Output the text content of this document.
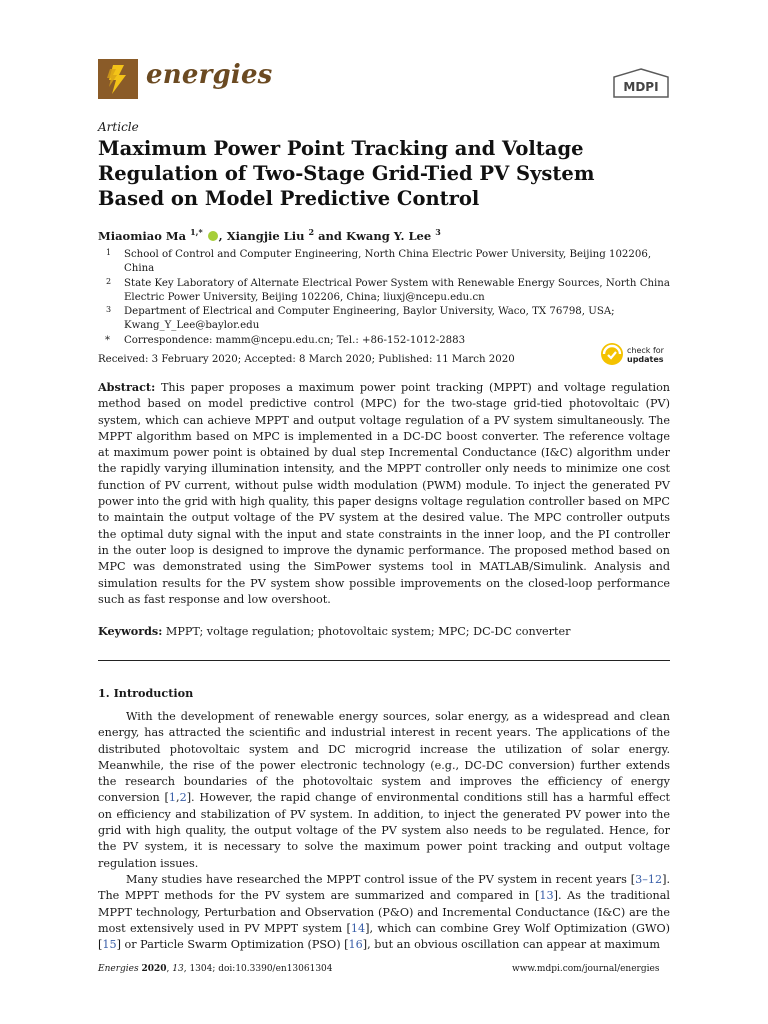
energies	MDPI
Article
Maximum Power Point Tracking and Voltage Regulation of Two-Stage Grid-Tied PV System Based on Model Predictive Control
Miaomiao Ma $^{1,*}$ , Xiangjie Liu $^2$ and Kwang Y. Lee $^3$
1 School of Control and Computer Engineering, North China Electric Power University, Beijing 102206, China
2 State Key Laboratory of Alternate Electrical Power System with Renewable Energy Sources, North China Electric Power University, Beijing 102206, China; liuxj@ncepu.edu.cn
3 Department of Electrical and Computer Engineering, Baylor University, Waco, TX 76798, USA; Kwang_Y_Lee@baylor.edu
* Correspondence: mamm@ncepu.edu.cn; Tel.: +86-152-1012-2883
Received: 3 February 2020; Accepted: 8 March 2020; Published: 11 March 2020
check for
updates
Abstract: This paper proposes a maximum power point tracking (MPPT) and voltage regulation method based on model predictive control (MPC) for the two-stage grid-tied photovoltaic (PV) system, which can achieve MPPT and output voltage regulation of a PV system simultaneously. The MPPT algorithm based on MPC is implemented in a DC-DC boost converter. The reference voltage at maximum power point is obtained by dual step Incremental Conductance (I&C) algorithm under the rapidly varying illumination intensity, and the MPPT controller only needs to minimize one cost function of PV current, without pulse width modulation (PWM) module. To inject the generated PV power into the grid with high quality, this paper designs voltage regulation controller based on MPC to maintain the output voltage of the PV system at the desired value. The MPC controller outputs the optimal duty signal with the input and state constraints in the inner loop, and the PI controller in the outer loop is designed to improve the dynamic performance. The proposed method based on MPC was demonstrated using the SimPower systems tool in MATLAB/Simulink. Analysis and simulation results for the PV system show possible improvements on the closed-loop performance such as fast response and low overshoot.
Keywords: MPPT; voltage regulation; photovoltaic system; MPC; DC-DC converter
1. Introduction

With the development of renewable energy sources, solar energy, as a widespread and clean energy, has attracted the scientific and industrial interest in recent years. The applications of the distributed photovoltaic system and DC microgrid increase the utilization of solar energy. Meanwhile, the rise of the power electronic technology (e.g., DC-DC conversion) further extends the research boundaries of the photovoltaic system and improves the efficiency of energy conversion [1,2]. However, the rapid change of environmental conditions still has a harmful effect on efficiency and stabilization of PV system. In addition, to inject the generated PV power into the grid with high quality, the output voltage of the PV system also needs to be regulated. Hence, for the PV system, it is necessary to solve the maximum power point tracking and output voltage regulation issues.

Many studies have researched the MPPT control issue of the PV system in recent years [3–12]. The MPPT methods for the PV system are summarized and compared in [13]. As the traditional MPPT technology, Perturbation and Observation (P&O) and Incremental Conductance (I&C) are the most extensively used in PV MPPT system [14], which can combine Grey Wolf Optimization (GWO) [15] or Particle Swarm Optimization (PSO) [16], but an obvious oscillation can appear at maximum

Energies 2020, 13, 1304; doi:10.3390/en13061304	www.mdpi.com/journal/energies
